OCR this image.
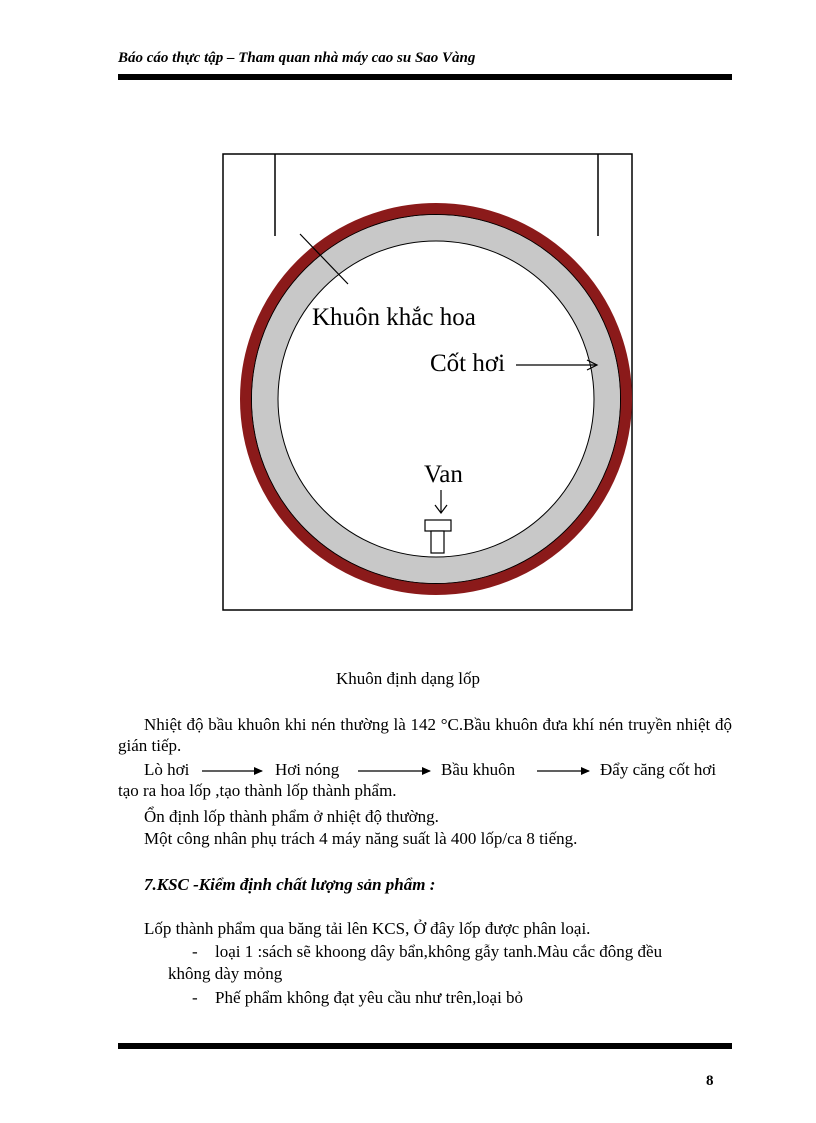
Báo cáo thực tập – Tham quan nhà máy cao su Sao Vàng
Khuôn khắc hoa
Cốt hơi
Van
Khuôn định dạng lốp
Nhiệt độ bầu khuôn khi nén thường là 142 °C.Bầu khuôn đưa khí nén truyền nhiệt độ gián tiếp.
Lò hơi	Hơi nóng	Bầu khuôn	Đẩy căng cốt hơi
tạo ra hoa lốp ,tạo thành lốp thành phẩm.
Ổn định lốp thành phẩm ở nhiệt độ thường.
Một công nhân phụ trách 4 máy năng suất là 400 lốp/ca 8 tiếng.
7.KSC -Kiểm định chất lượng sản phẩm :
Lốp thành phẩm qua băng tải lên KCS, Ở đây lốp được phân loại.
- loại 1 :sách sẽ khoong dây bẩn,không gẫy tanh.Màu cắc đông đều
không dày mỏng
- Phế phẩm không đạt yêu cầu như trên,loại bỏ
8
